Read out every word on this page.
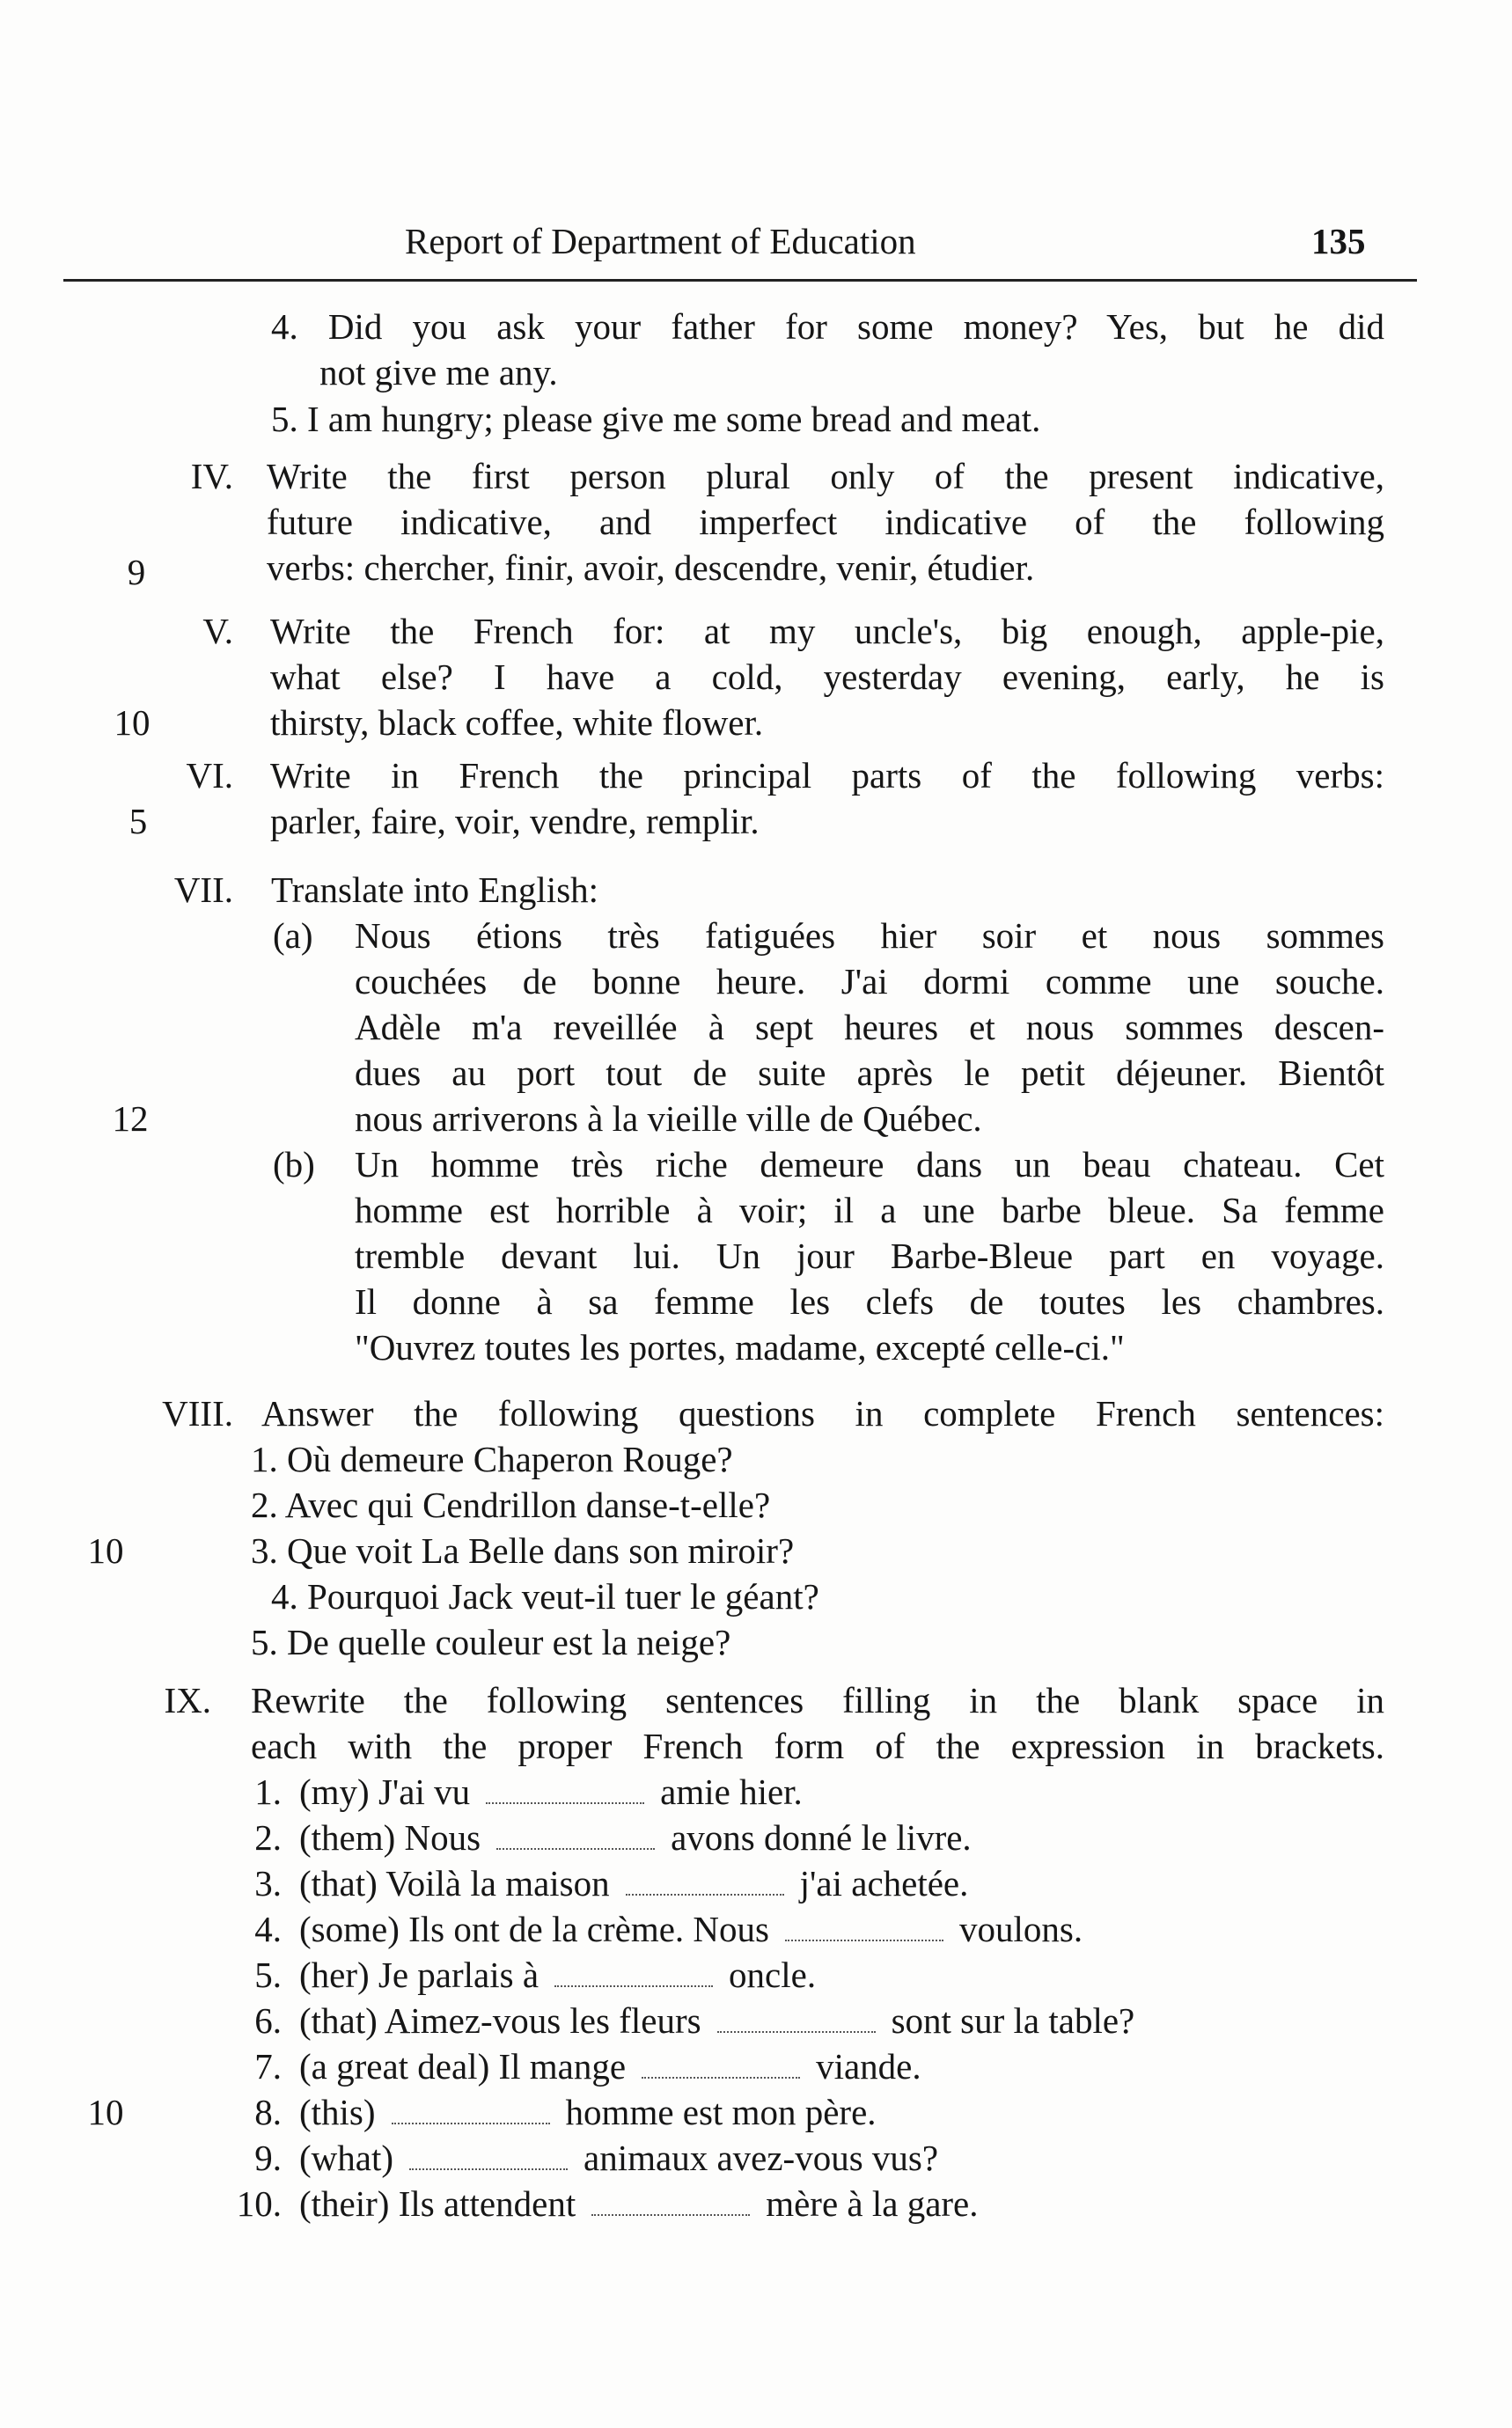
Report of Department of Education	135
4. Did you ask your father for some money? Yes, but he did
not give me any.
5. I am hungry; please give me some bread and meat.
IV. Write the first person plural only of the present indicative,
future indicative, and imperfect indicative of the following
verbs: chercher, finir, avoir, descendre, venir, étudier.
9
V. Write the French for: at my uncle's, big enough, apple-pie,
what else? I have a cold, yesterday evening, early, he is
thirsty, black coffee, white flower.
10
VI. Write in French the principal parts of the following verbs:
parler, faire, voir, vendre, remplir.
5
VII. Translate into English:
(a) Nous étions très fatiguées hier soir et nous sommes
couchées de bonne heure. J'ai dormi comme une souche.
Adèle m'a reveillée à sept heures et nous sommes descen-
dues au port tout de suite après le petit déjeuner. Bientôt
nous arriverons à la vieille ville de Québec.
12
(b) Un homme très riche demeure dans un beau chateau. Cet
homme est horrible à voir; il a une barbe bleue. Sa femme
tremble devant lui. Un jour Barbe-Bleue part en voyage.
Il donne à sa femme les clefs de toutes les chambres.
"Ouvrez toutes les portes, madame, excepté celle-ci."
VIII. Answer the following questions in complete French sentences:
1. Où demeure Chaperon Rouge?
2. Avec qui Cendrillon danse-t-elle?
3. Que voit La Belle dans son miroir?
10
4. Pourquoi Jack veut-il tuer le géant?
5. De quelle couleur est la neige?
IX. Rewrite the following sentences filling in the blank space in
each with the proper French form of the expression in brackets.
1. (my) J'ai vu	amie hier.
2. (them) Nous	avons donné le livre.
3. (that) Voilà la maison	j'ai achetée.
4. (some) Ils ont de la crème. Nous	voulons.
5. (her) Je parlais à	oncle.
6. (that) Aimez-vous les fleurs	sont sur la table?
7. (a great deal) Il mange	viande.
10	8. (this)	homme est mon père.
9. (what)	animaux avez-vous vus?
10. (their) Ils attendent	mère à la gare.
